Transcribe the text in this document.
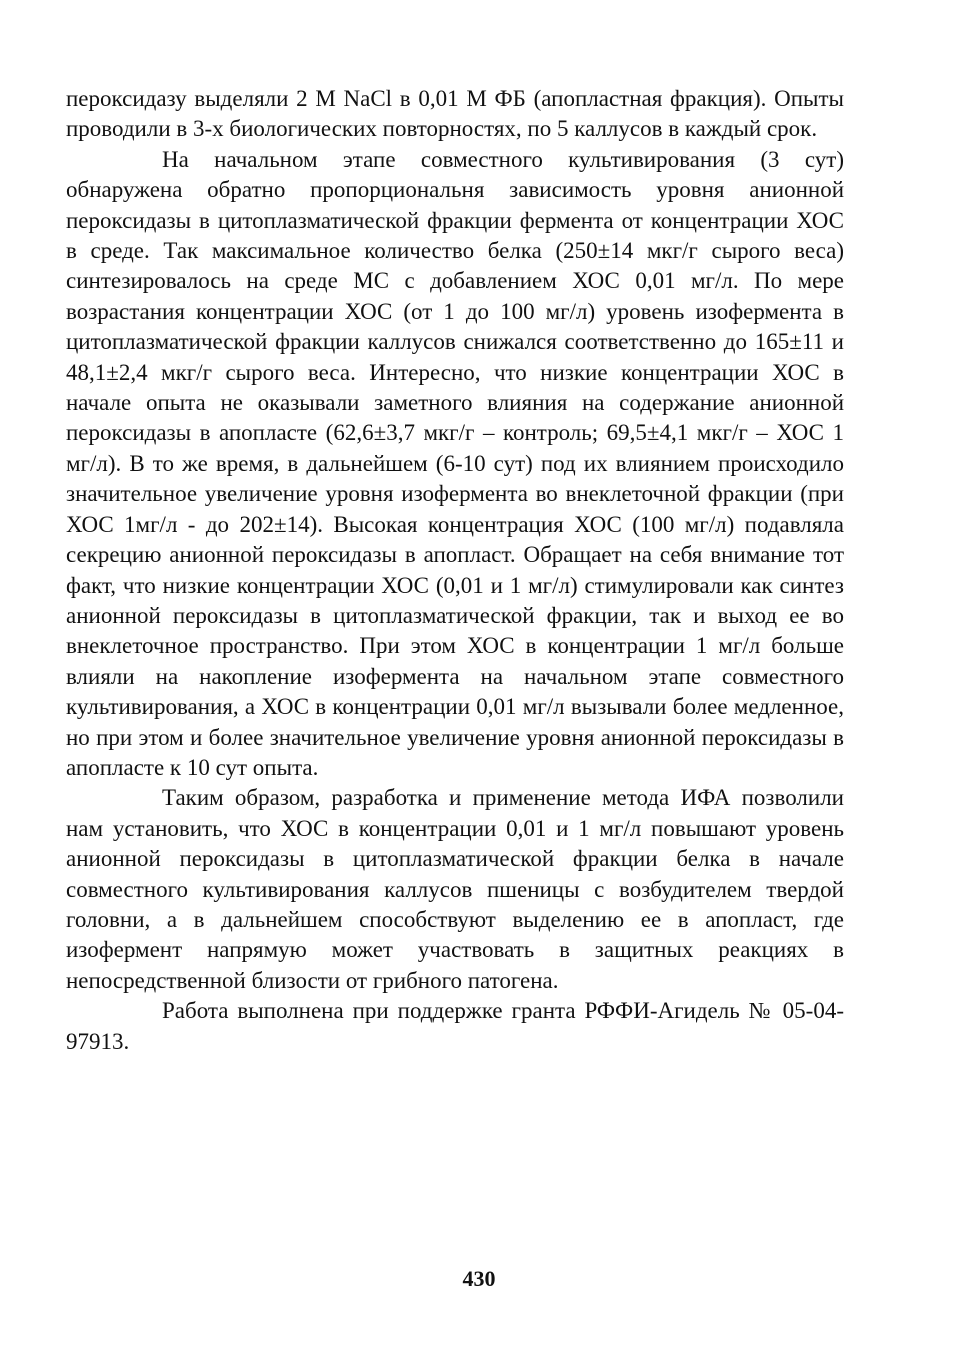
пероксидазу выделяли 2 М NaCl в 0,01 М ФБ (апопластная фракция). Опыты проводили в 3-х биологических повторностях, по 5 каллусов в каждый срок.

На начальном этапе совместного культивирования (3 сут) обнаружена обратно пропорциональня зависимость уровня анионной пероксидазы в цитоплазматической фракции фермента от концентрации ХОС в среде. Так максимальное количество белка (250±14 мкг/г сырого веса) синтезировалось на среде МС с добавлением ХОС 0,01 мг/л. По мере возрастания концентрации ХОС (от 1 до 100 мг/л) уровень изофермента в цитоплазматической фракции каллусов снижался соответственно до 165±11 и 48,1±2,4 мкг/г сырого веса. Интересно, что низкие концентрации ХОС в начале опыта не оказывали заметного влияния на содержание анионной пероксидазы в апопласте (62,6±3,7 мкг/г – контроль; 69,5±4,1 мкг/г – ХОС 1 мг/л). В то же время, в дальнейшем (6-10 сут) под их влиянием происходило значительное увеличение уровня изофермента во внеклеточной фракции (при ХОС 1мг/л - до 202±14). Высокая концентрация ХОС (100 мг/л) подавляла секрецию анионной пероксидазы в апопласт. Обращает на себя внимание тот факт, что низкие концентрации ХОС (0,01 и 1 мг/л) стимулировали как синтез анионной пероксидазы в цитоплазматической фракции, так и выход ее во внеклеточное пространство. При этом ХОС в концентрации 1 мг/л больше влияли на накопление изофермента на начальном этапе совместного культивирования, а ХОС в концентрации 0,01 мг/л вызывали более медленное, но при этом и более значительное увеличение уровня анионной пероксидазы в апопласте к 10 сут опыта.

Таким образом, разработка и применение метода ИФА позволили нам установить, что ХОС в концентрации 0,01 и 1 мг/л повышают уровень анионной пероксидазы в цитоплазматической фракции белка в начале совместного культивирования каллусов пшеницы с возбудителем твердой головни, а в дальнейшем способствуют выделению ее в апопласт, где изофермент напрямую может участвовать в защитных реакциях в непосредственной близости от грибного патогена.

Работа выполнена при поддержке гранта РФФИ-Агидель № 05-04-97913.

430
